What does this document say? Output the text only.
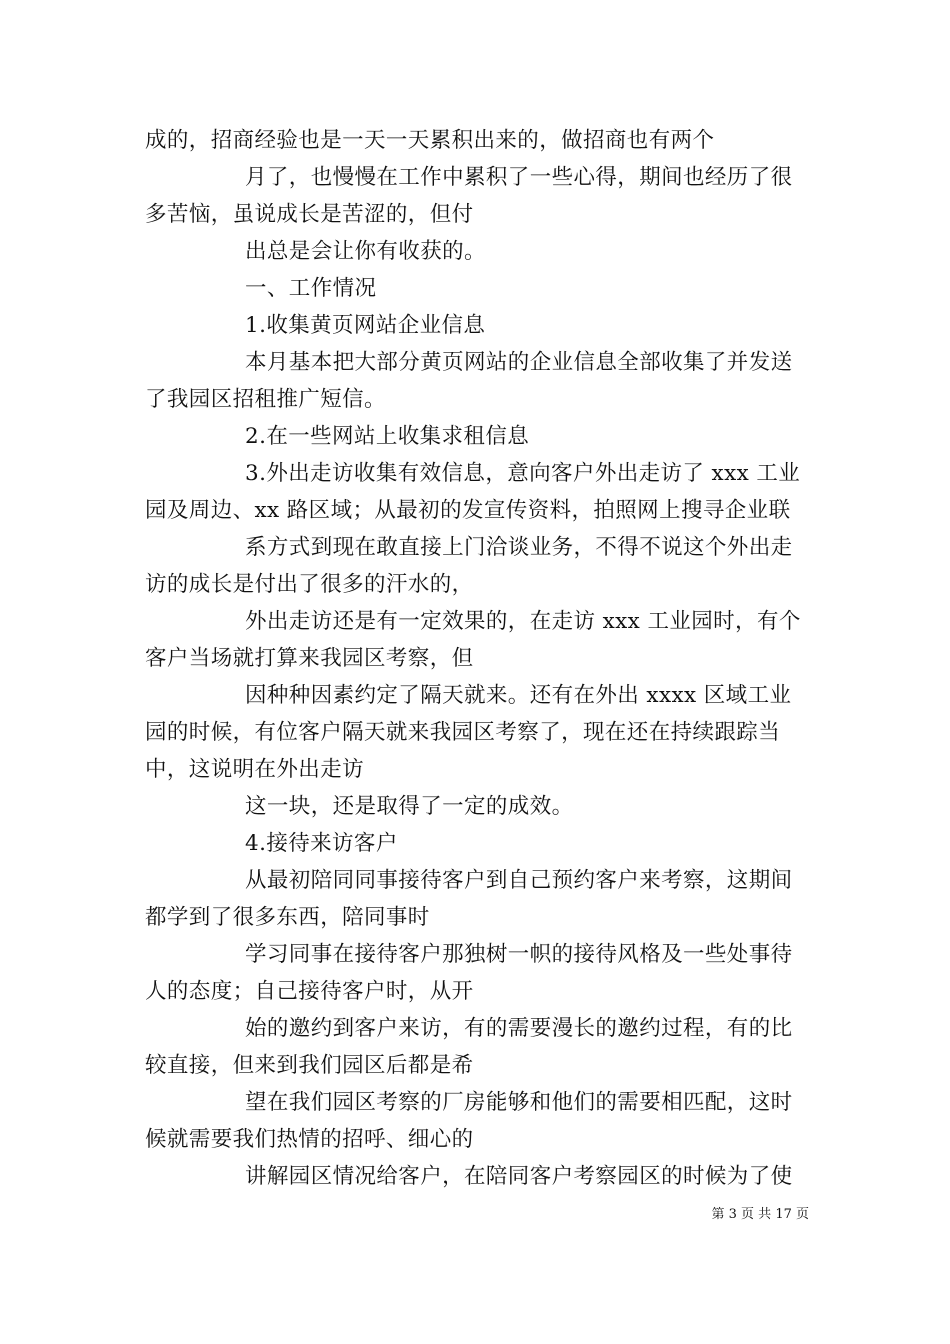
成的，招商经验也是一天一天累积出来的，做招商也有两个
月了，也慢慢在工作中累积了一些心得，期间也经历了很
多苦恼，虽说成长是苦涩的，但付
出总是会让你有收获的。
一、工作情况
1.收集黄页网站企业信息
本月基本把大部分黄页网站的企业信息全部收集了并发送
了我园区招租推广短信。
2.在一些网站上收集求租信息
3.外出走访收集有效信息，意向客户外出走访了 xxx 工业
园及周边、xx 路区域；从最初的发宣传资料，拍照网上搜寻企业联
系方式到现在敢直接上门洽谈业务，不得不说这个外出走
访的成长是付出了很多的汗水的，
外出走访还是有一定效果的，在走访 xxx 工业园时，有个
客户当场就打算来我园区考察，但
因种种因素约定了隔天就来。还有在外出 xxxx 区域工业
园的时候，有位客户隔天就来我园区考察了，现在还在持续跟踪当
中，这说明在外出走访
这一块，还是取得了一定的成效。
4.接待来访客户
从最初陪同同事接待客户到自己预约客户来考察，这期间
都学到了很多东西，陪同事时
学习同事在接待客户那独树一帜的接待风格及一些处事待
人的态度；自己接待客户时，从开
始的邀约到客户来访，有的需要漫长的邀约过程，有的比
较直接，但来到我们园区后都是希
望在我们园区考察的厂房能够和他们的需要相匹配，这时
候就需要我们热情的招呼、细心的
讲解园区情况给客户，在陪同客户考察园区的时候为了使
第 3 页 共 17 页
